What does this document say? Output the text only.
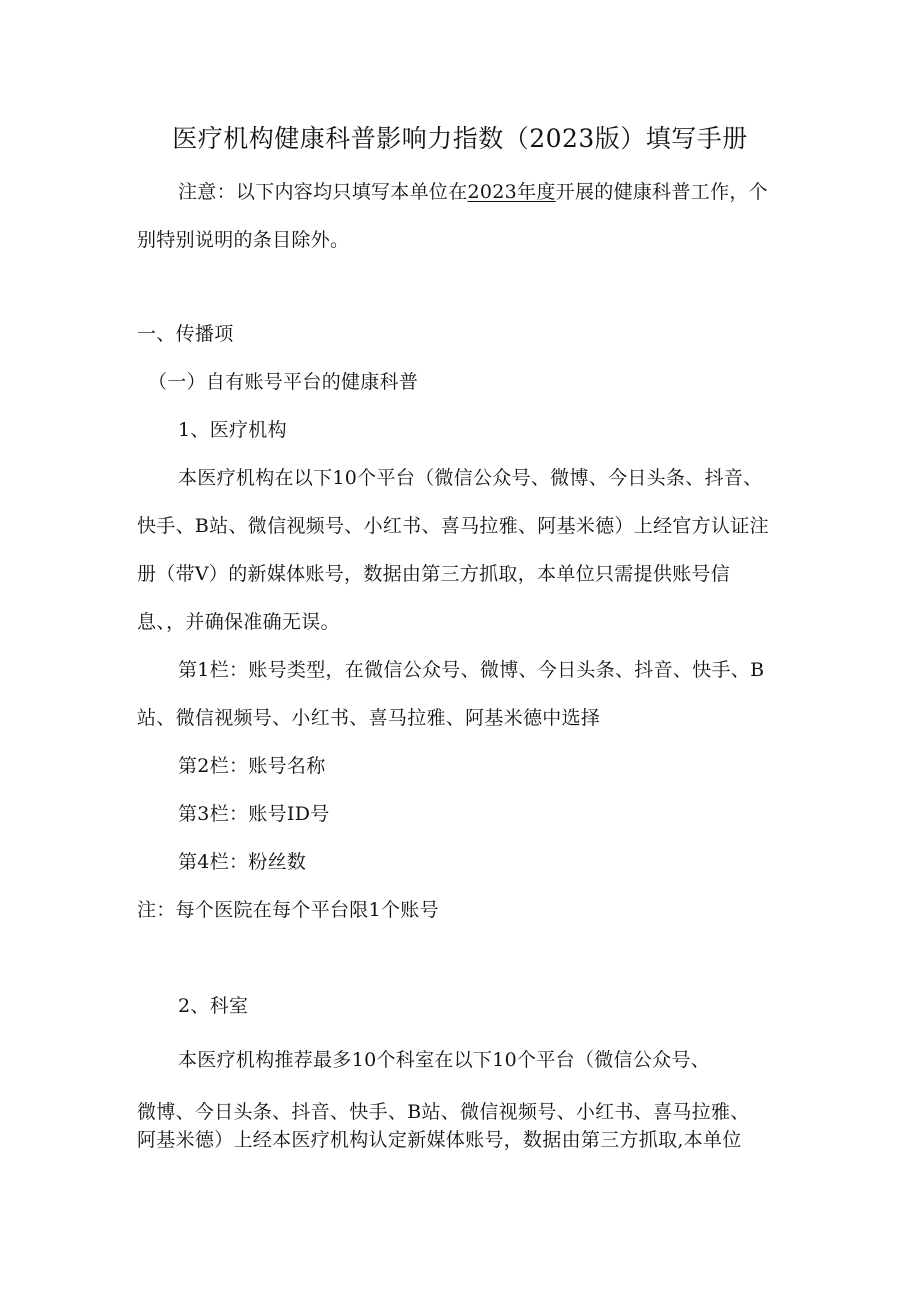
医疗机构健康科普影响力指数（2023版）填写手册
注意：以下内容均只填写本单位在2023年度开展的健康科普工作，个
别特别说明的条目除外。
一、传播项
（一）自有账号平台的健康科普
1、医疗机构
本医疗机构在以下10个平台（微信公众号、微博、今日头条、抖音、
快手、B站、微信视频号、小红书、喜马拉雅、阿基米德）上经官方认证注
册（带V）的新媒体账号，数据由第三方抓取，本单位只需提供账号信
息、，并确保准确无误。
第1栏：账号类型，在微信公众号、微博、今日头条、抖音、快手、B
站、微信视频号、小红书、喜马拉雅、阿基米德中选择
第2栏：账号名称
第3栏：账号ID号
第4栏：粉丝数
注：每个医院在每个平台限1个账号
2、科室
本医疗机构推荐最多10个科室在以下10个平台（微信公众号、
微博、今日头条、抖音、快手、B站、微信视频号、小红书、喜马拉雅、
阿基米德）上经本医疗机构认定新媒体账号，数据由第三方抓取,本单位
